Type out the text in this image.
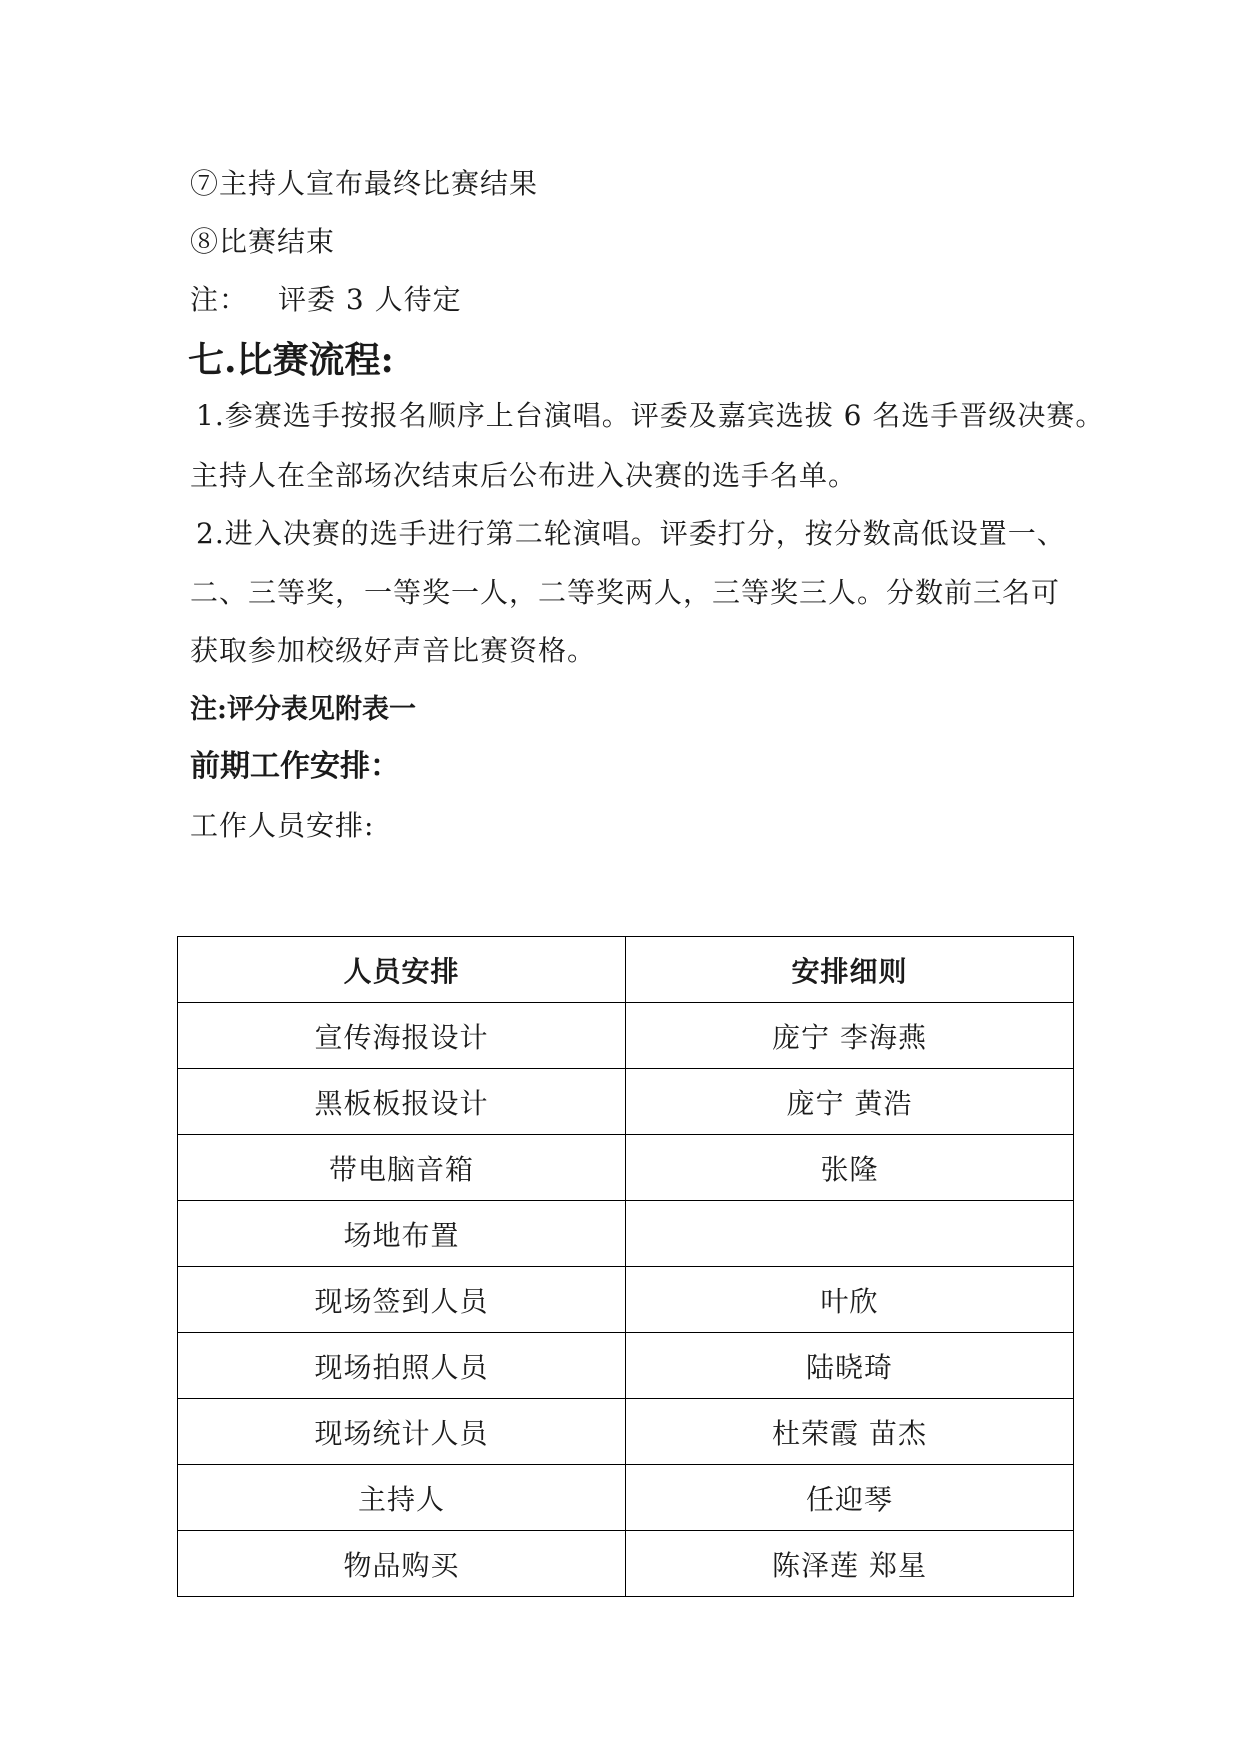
⑦主持人宣布最终比赛结果
⑧比赛结束
注： 评委 3 人待定
七.比赛流程:
1.参赛选手按报名顺序上台演唱。评委及嘉宾选拔 6 名选手晋级决赛。
主持人在全部场次结束后公布进入决赛的选手名单。
2.进入决赛的选手进行第二轮演唱。评委打分，按分数高低设置一、
二、三等奖，一等奖一人，二等奖两人，三等奖三人。分数前三名可
获取参加校级好声音比赛资格。
注:评分表见附表一
前期工作安排：
工作人员安排:
人员安排	安排细则
宣传海报设计	庞宁 李海燕
黑板板报设计	庞宁 黄浩
带电脑音箱	张隆
场地布置	
现场签到人员	叶欣
现场拍照人员	陆晓琦
现场统计人员	杜荣霞 苗杰
主持人	任迎琴
物品购买	陈泽莲 郑星
